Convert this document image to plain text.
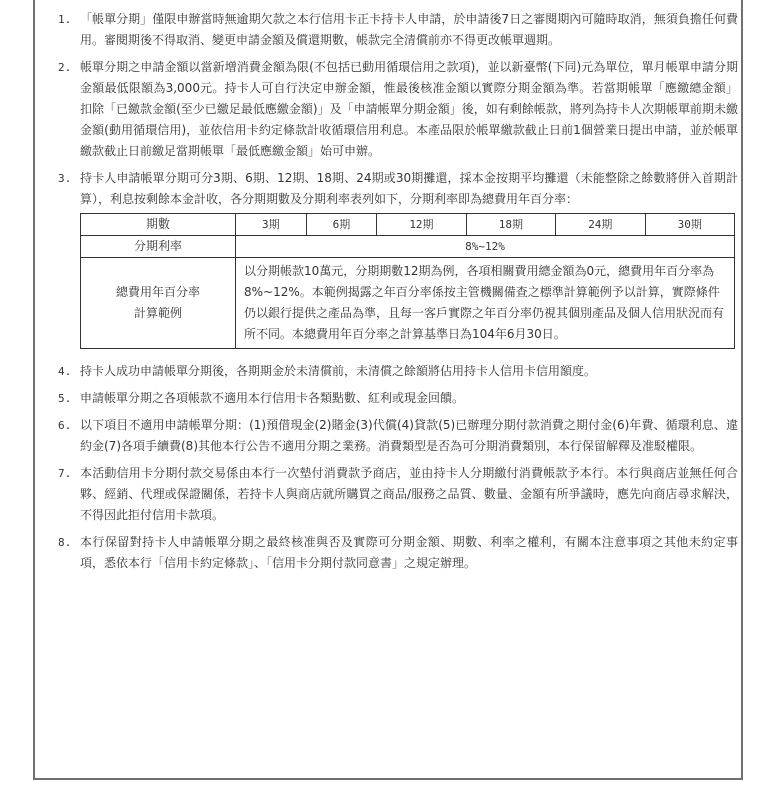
1. 「帳單分期」僅限申辦當時無逾期欠款之本行信用卡正卡持卡人申請，於申請後7日之審閱期內可隨時取消，無須負擔任何費用。審閱期後不得取消、變更申請金額及償還期數，帳款完全清償前亦不得更改帳單週期。
2. 帳單分期之申請金額以當新增消費金額為限(不包括已動用循環信用之款項)，並以新臺幣(下同)元為單位，單月帳單申請分期金額最低限額為3,000元。持卡人可自行決定申辦金額，惟最後核准金額以實際分期金額為準。若當期帳單「應繳總金額」扣除「已繳款金額(至少已繳足最低應繳金額)」及「申請帳單分期金額」後，如有剩餘帳款，將列為持卡人次期帳單前期未繳金額(動用循環信用)，並依信用卡約定條款計收循環信用利息。本產品限於帳單繳款截止日前1個營業日提出申請，並於帳單繳款截止日前繳足當期帳單「最低應繳金額」始可申辦。
3. 持卡人申請帳單分期可分3期、6期、12期、18期、24期或30期攤還，採本金按期平均攤還（未能整除之餘數將併入首期計算），利息按剩餘本金計收，各分期期數及分期利率表列如下，分期利率即為總費用年百分率：
期數	3期	6期	12期	18期	24期	30期
分期利率	8%~12%					

總費用年百分率
計算範例	以分期帳款10萬元，分期期數12期為例，各項相關費用總金額為0元，總費用年百分率為8%~12%。本範例揭露之年百分率係按主管機關備查之標準計算範例予以計算，實際條件仍以銀行提供之產品為準，且每一客戶實際之年百分率仍視其個別產品及個人信用狀況而有所不同。本總費用年百分率之計算基準日為104年6月30日。					
4. 持卡人成功申請帳單分期後，各期期金於未清償前，未清償之餘額將佔用持卡人信用卡信用額度。
5. 申請帳單分期之各項帳款不適用本行信用卡各類點數、紅利或現金回饋。
6. 以下項目不適用申請帳單分期：(1)預借現金(2)賭金(3)代償(4)貸款(5)已辦理分期付款消費之期付金(6)年費、循環利息、違約金(7)各項手續費(8)其他本行公告不適用分期之業務。消費類型是否為可分期消費類別，本行保留解釋及准駁權限。
7. 本活動信用卡分期付款交易係由本行一次墊付消費款予商店，並由持卡人分期繳付消費帳款予本行。本行與商店並無任何合夥、經銷、代理或保證關係，若持卡人與商店就所購買之商品/服務之品質、數量、金額有所爭議時，應先向商店尋求解決，不得因此拒付信用卡款項。
8. 本行保留對持卡人申請帳單分期之最終核准與否及實際可分期金額、期數、利率之權利，有關本注意事項之其他未約定事項，悉依本行「信用卡約定條款」、「信用卡分期付款同意書」之規定辦理。
